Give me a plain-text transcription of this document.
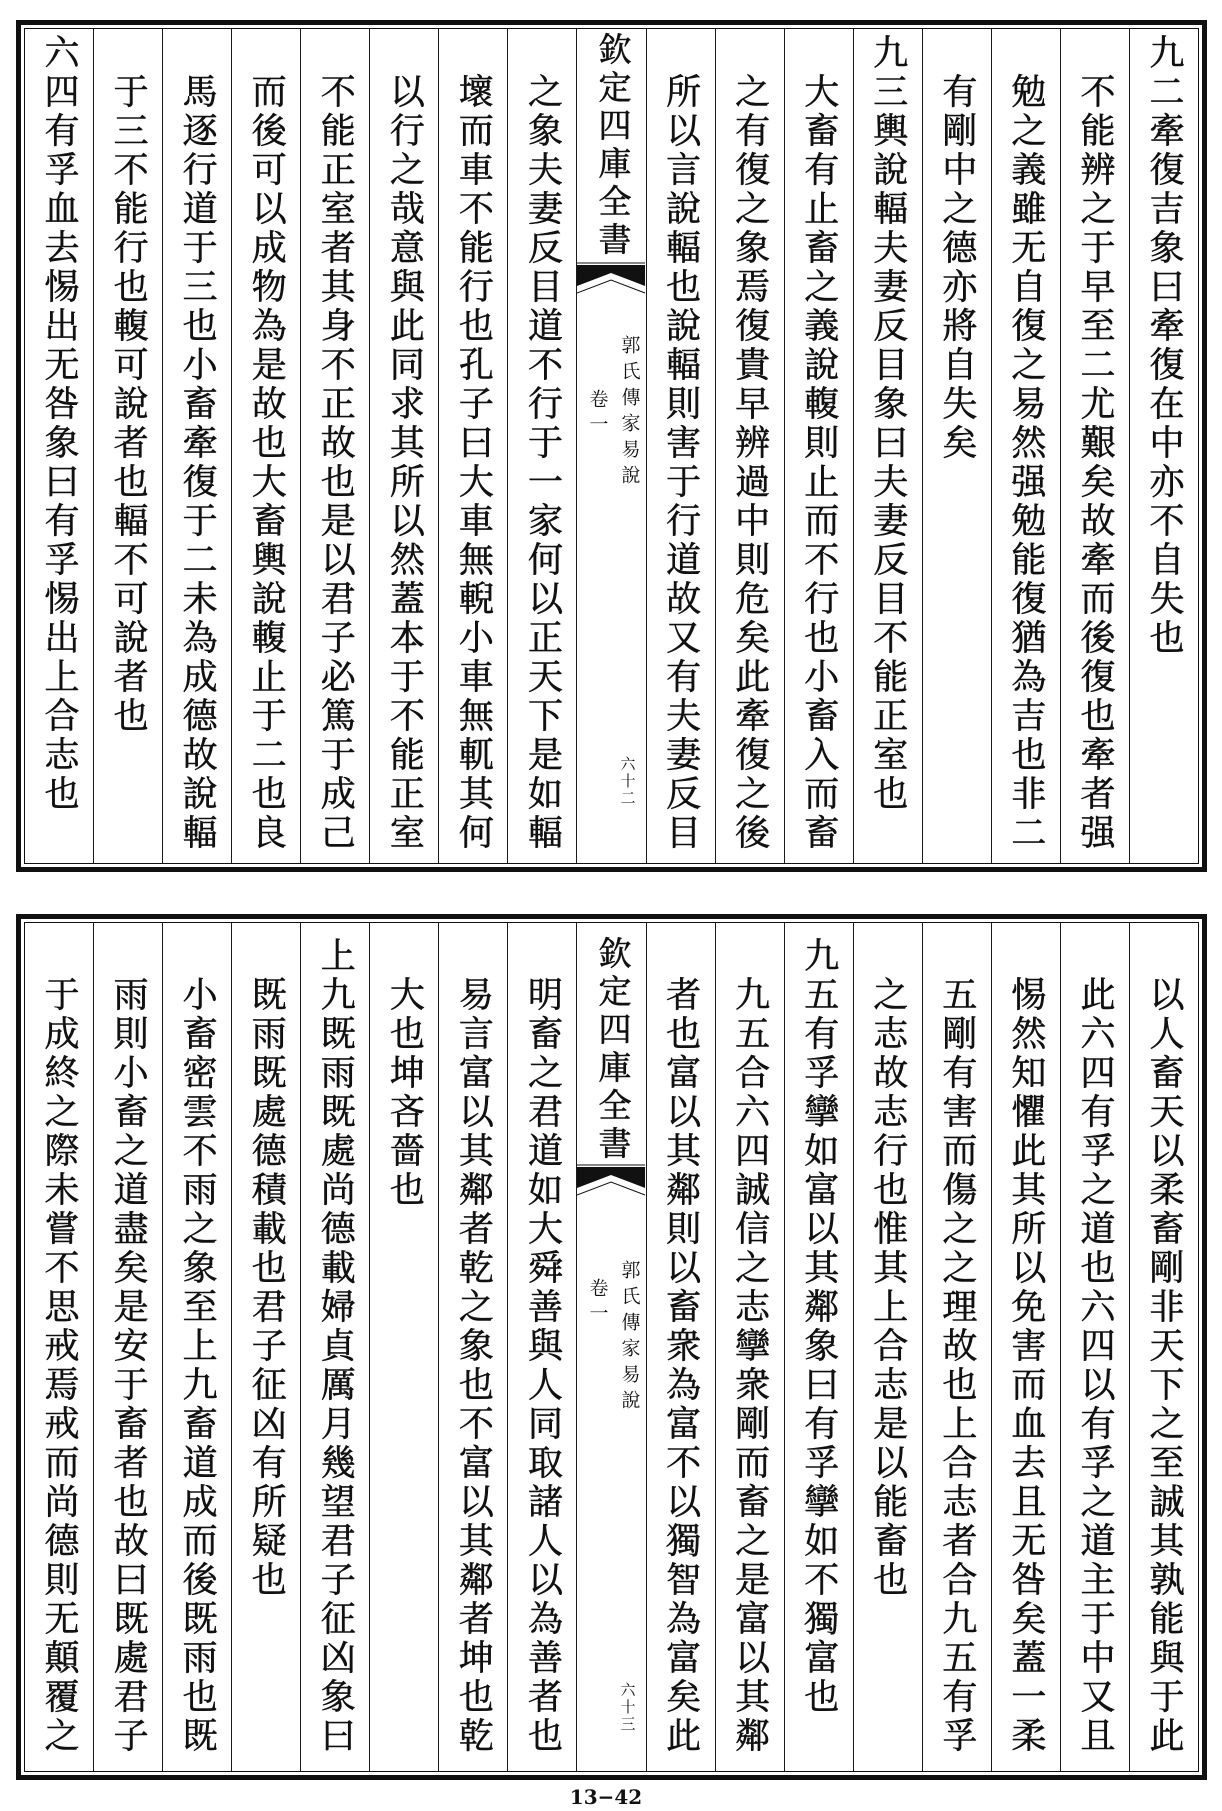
九二牽復吉象曰牽復在中亦不自失也
不能辨之于早至二尤艱矣故牽而後復也牽者强
勉之義雖无自復之易然强勉能復猶為吉也非二
有剛中之德亦將自失矣
九三輿說輻夫妻反目象曰夫妻反目不能正室也
大畜有止畜之義說輹則止而不行也小畜入而畜
之有復之象焉復貴早辨過中則危矣此牽復之後
所以言說輻也說輻則害于行道故又有夫妻反目
欽定四庫全書
郭氏傳家易說
卷一
六十二
之象夫妻反目道不行于一家何以正天下是如輻
壞而車不能行也孔子曰大車無輗小車無軏其何
以行之哉意與此同求其所以然蓋本于不能正室
不能正室者其身不正故也是以君子必篤于成己
而後可以成物為是故也大畜輿說輹止于二也良
馬逐行道于三也小畜牽復于二未為成德故說輻
于三不能行也輹可說者也輻不可說者也
六四有孚血去惕出无咎象曰有孚惕出上合志也
以人畜天以柔畜剛非天下之至誠其孰能與于此
此六四有孚之道也六四以有孚之道主于中又且
惕然知懼此其所以免害而血去且无咎矣蓋一柔
五剛有害而傷之之理故也上合志者合九五有孚
之志故志行也惟其上合志是以能畜也
九五有孚攣如富以其鄰象曰有孚攣如不獨富也
九五合六四誠信之志攣衆剛而畜之是富以其鄰
者也富以其鄰則以畜衆為富不以獨智為富矣此
欽定四庫全書
郭氏傳家易說
卷一
六十三
明畜之君道如大舜善與人同取諸人以為善者也
易言富以其鄰者乾之象也不富以其鄰者坤也乾
大也坤吝嗇也
上九既雨既處尚德載婦貞厲月幾望君子征凶象曰
既雨既處德積載也君子征凶有所疑也
小畜密雲不雨之象至上九畜道成而後既雨也既
雨則小畜之道盡矣是安于畜者也故曰既處君子
于成終之際未嘗不思戒焉戒而尚德則无顛覆之
13−42
